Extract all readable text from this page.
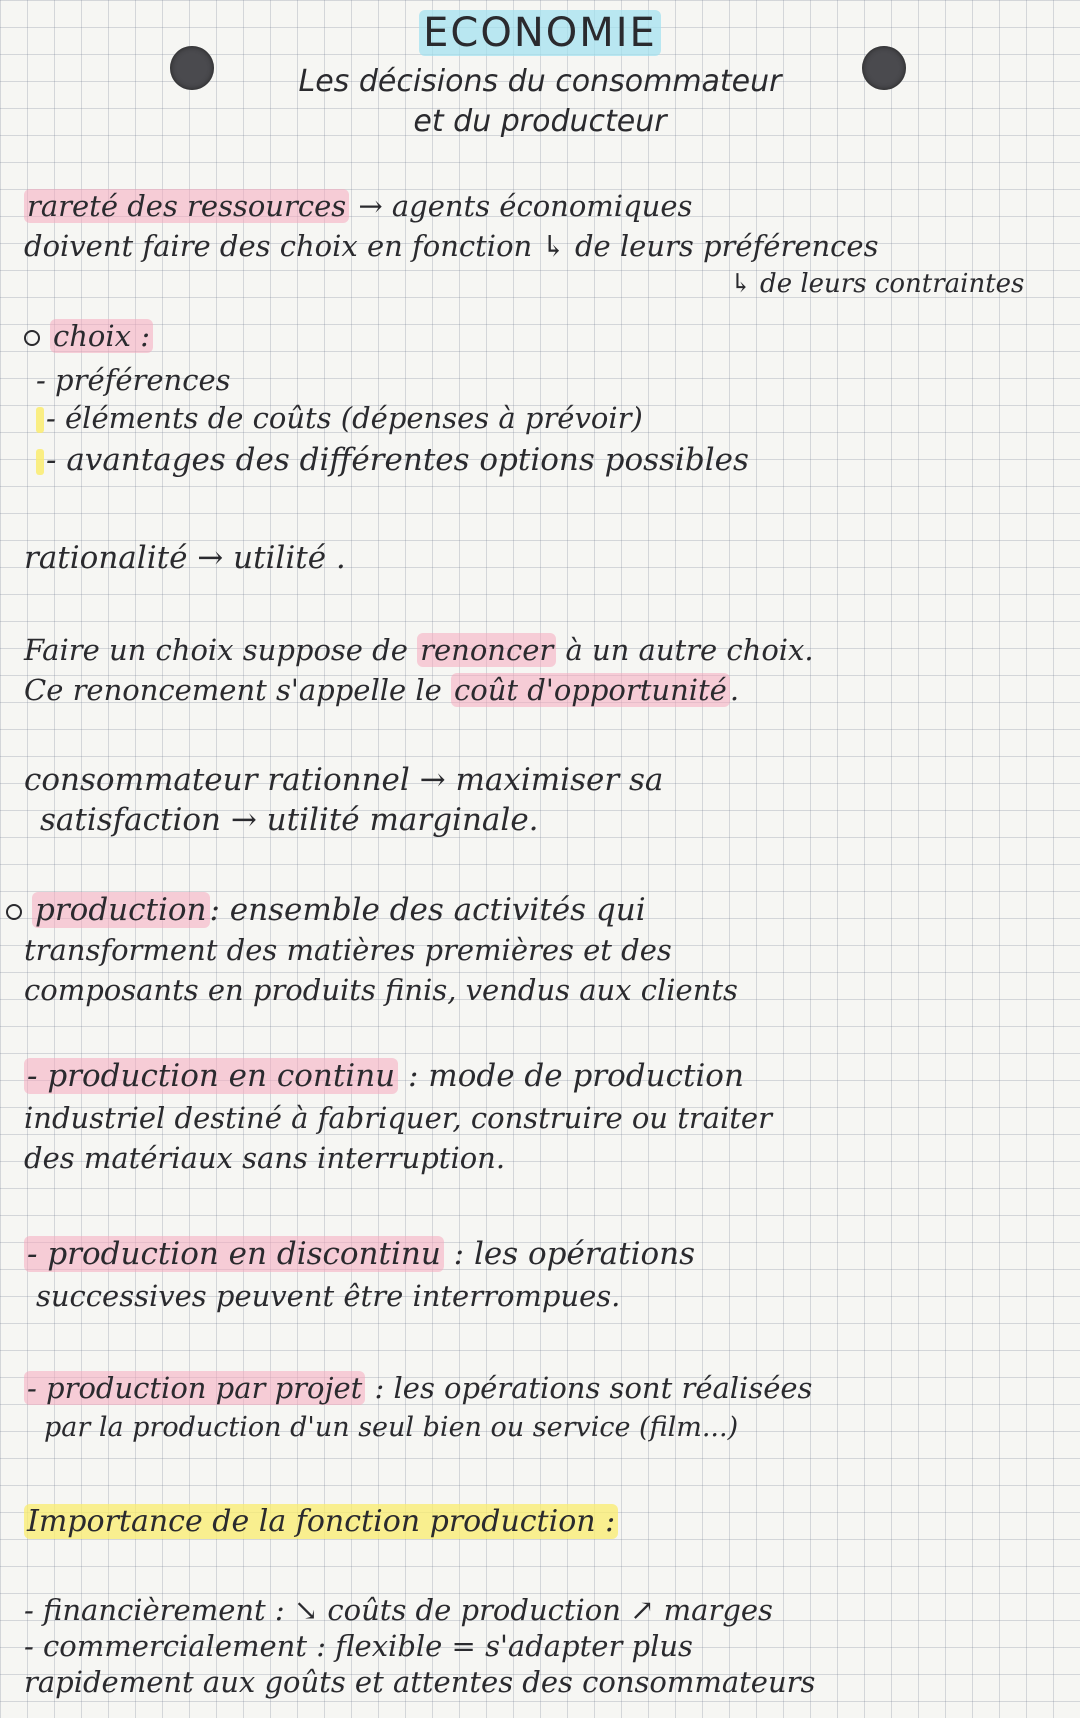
ECONOMIE
Les décisions du consommateur
et du producteur
rareté des ressources → agents économiques
doivent faire des choix en fonction ↳ de leurs préférences
↳ de leurs contraintes
choix :
- préférences
- éléments de coûts (dépenses à prévoir)
- avantages des différentes options possibles
rationalité → utilité .
Faire un choix suppose de renoncer à un autre choix.
Ce renoncement s'appelle le coût d'opportunité .
consommateur rationnel → maximiser sa
satisfaction → utilité marginale.
production: ensemble des activités qui
transforment des matières premières et des
composants en produits finis, vendus aux clients
- production en continu : mode de production
industriel destiné à fabriquer, construire ou traiter
des matériaux sans interruption.
- production en discontinu : les opérations
successives peuvent être interrompues.
- production par projet : les opérations sont réalisées
par la production d'un seul bien ou service (film...)
Importance de la fonction production :
- financièrement : ↘ coûts de production ↗ marges
- commercialement : flexible = s'adapter plus
rapidement aux goûts et attentes des consommateurs
